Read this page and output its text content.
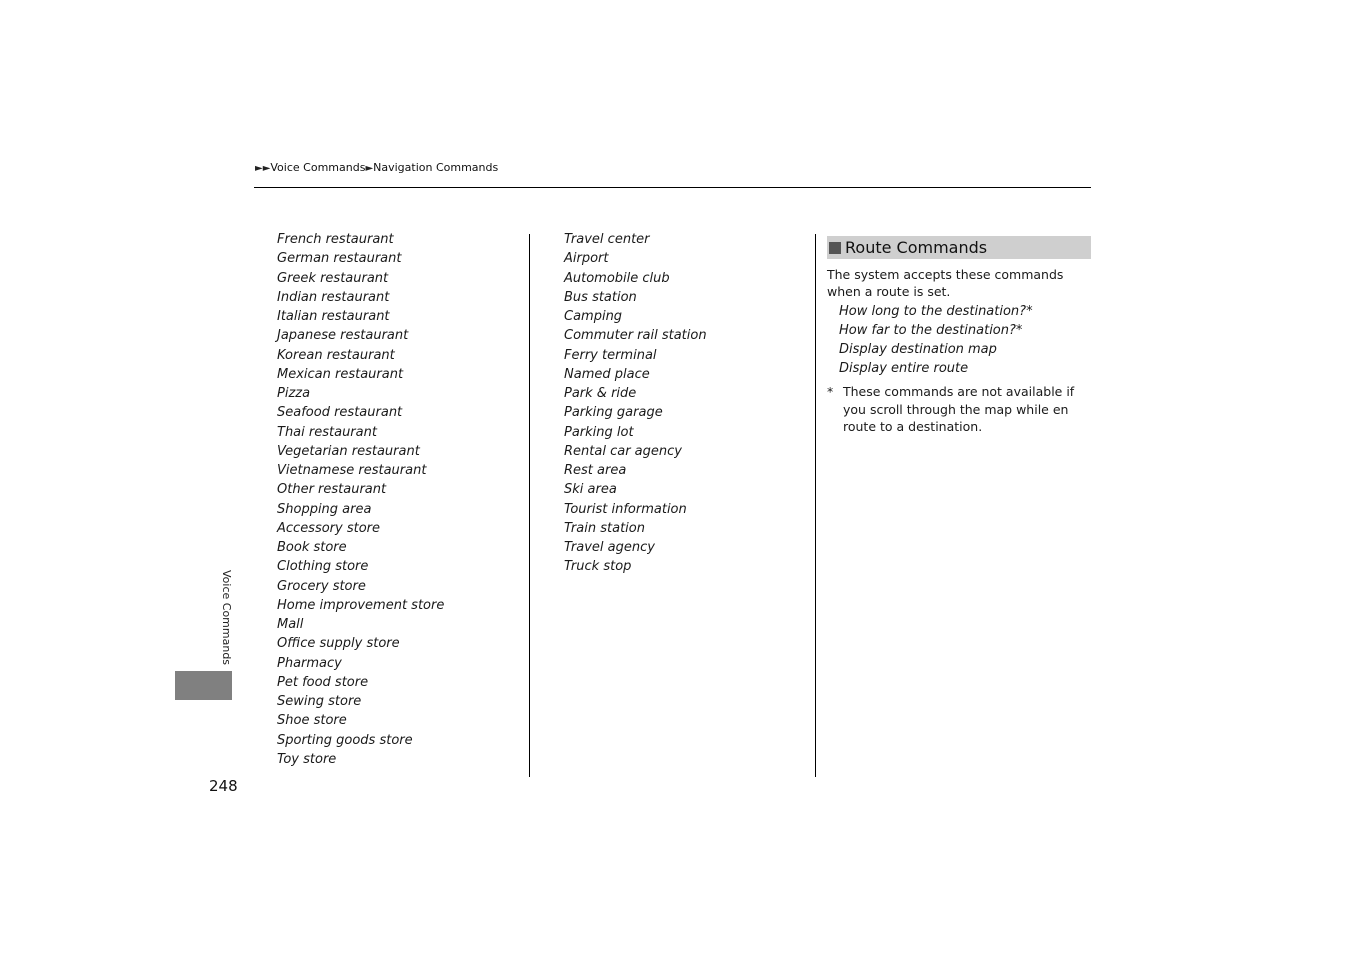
►►Voice Commands►Navigation Commands
French restaurant
German restaurant
Greek restaurant
Indian restaurant
Italian restaurant
Japanese restaurant
Korean restaurant
Mexican restaurant
Pizza
Seafood restaurant
Thai restaurant
Vegetarian restaurant
Vietnamese restaurant
Other restaurant
Shopping area
Accessory store
Book store
Clothing store
Grocery store
Home improvement store
Mall
Office supply store
Pharmacy
Pet food store
Sewing store
Shoe store
Sporting goods store
Toy store
Travel center
Airport
Automobile club
Bus station
Camping
Commuter rail station
Ferry terminal
Named place
Park & ride
Parking garage
Parking lot
Rental car agency
Rest area
Ski area
Tourist information
Train station
Travel agency
Truck stop
Route Commands
The system accepts these commands when a route is set.
How long to the destination?*
How far to the destination?*
Display destination map
Display entire route
* These commands are not available if you scroll through the map while en route to a destination.
Voice Commands
248
